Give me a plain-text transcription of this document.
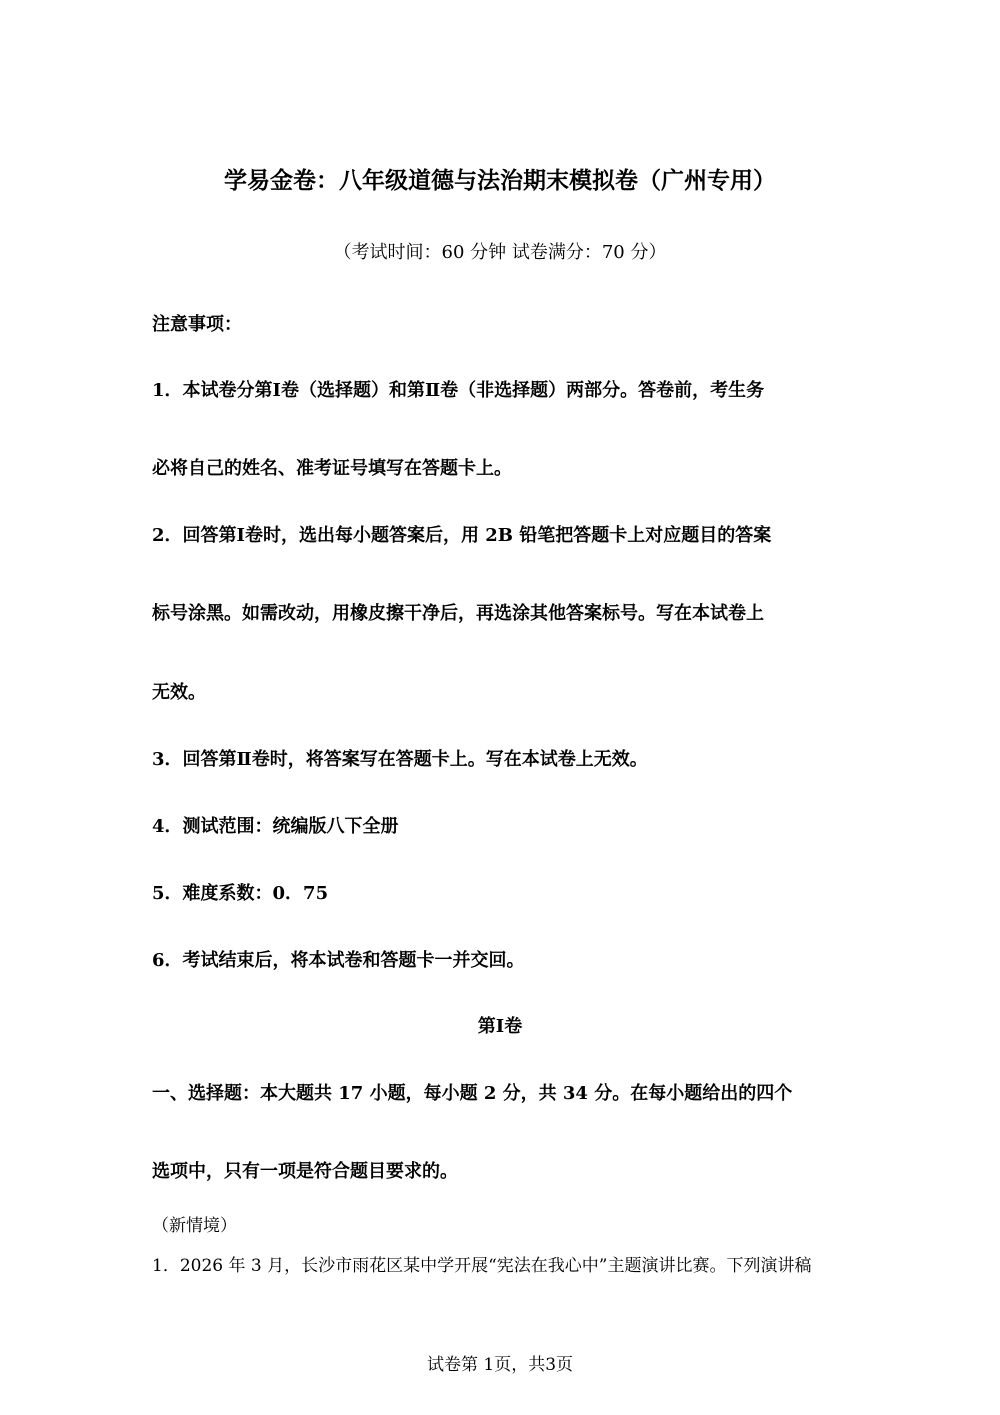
学易金卷：八年级道德与法治期末模拟卷（广州专用）
（考试时间：60 分钟 试卷满分：70 分）
注意事项：
1．本试卷分第Ⅰ卷（选择题）和第Ⅱ卷（非选择题）两部分。答卷前，考生务
必将自己的姓名、准考证号填写在答题卡上。
2．回答第Ⅰ卷时，选出每小题答案后，用 2B 铅笔把答题卡上对应题目的答案
标号涂黑。如需改动，用橡皮擦干净后，再选涂其他答案标号。写在本试卷上
无效。
3．回答第Ⅱ卷时，将答案写在答题卡上。写在本试卷上无效。
4．测试范围：统编版八下全册
5．难度系数：0．75
6．考试结束后，将本试卷和答题卡一并交回。
第Ⅰ卷
一、选择题：本大题共 17 小题，每小题 2 分，共 34 分。在每小题给出的四个
选项中，只有一项是符合题目要求的。
（新情境）
1．2026 年 3 月，长沙市雨花区某中学开展“宪法在我心中”主题演讲比赛。下列演讲稿
试卷第 1页，共3页
